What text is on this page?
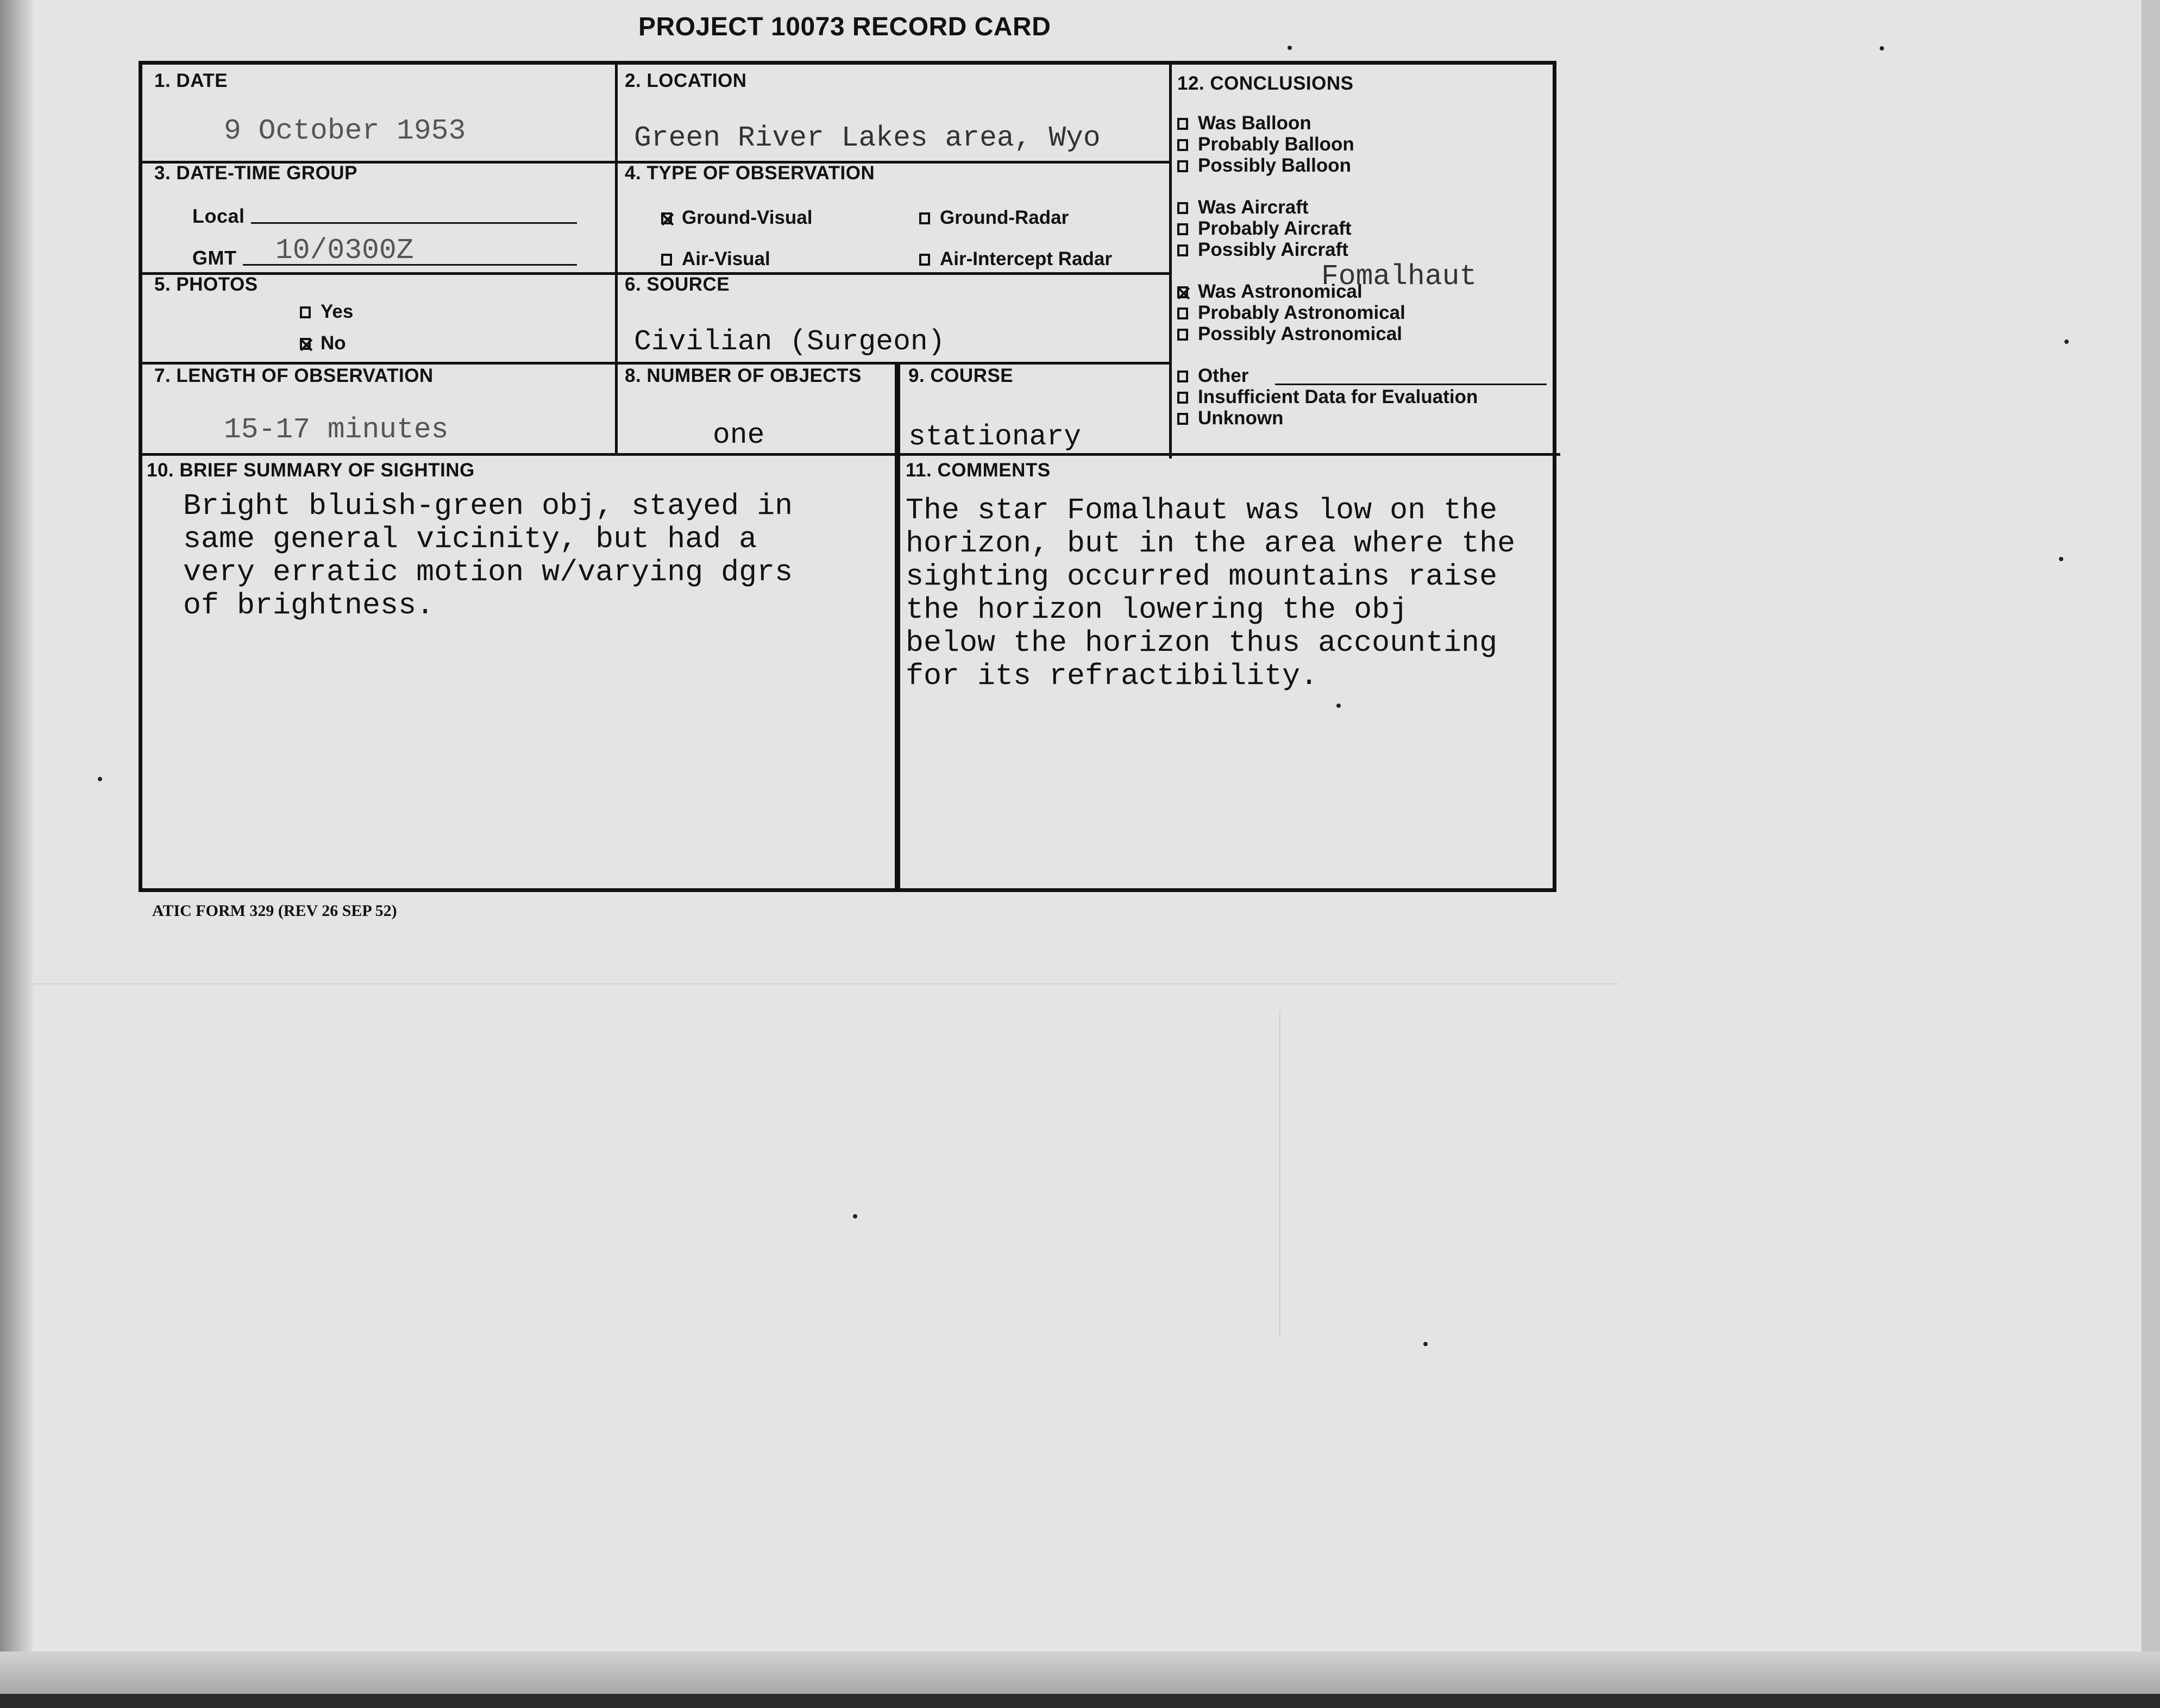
PROJECT 10073 RECORD CARD
1. DATE
9 October 1953
2. LOCATION
Green River Lakes area, Wyo
3. DATE-TIME GROUP
Local
GMT 10/0300Z
4. TYPE OF OBSERVATION
Ground-Visual	Ground-Radar
Air-Visual	Air-Intercept Radar
5. PHOTOS
Yes
No
6. SOURCE
Civilian (Surgeon)
7. LENGTH OF OBSERVATION
15-17 minutes
8. NUMBER OF OBJECTS
one
9. COURSE
stationary
10. BRIEF SUMMARY OF SIGHTING
Bright bluish-green obj, stayed in
same general vicinity, but had a
very erratic motion w/varying dgrs
of brightness.
11. COMMENTS
The star Fomalhaut was low on the
horizon, but in the area where the
sighting occurred mountains raise
the horizon lowering the obj
below the horizon thus accounting
for its refractibility.
12. CONCLUSIONS
Was Balloon
Probably Balloon
Possibly Balloon
Was Aircraft
Probably Aircraft
Possibly Aircraft
Fomalhaut
Was Astronomical
Probably Astronomical
Possibly Astronomical
Other
Insufficient Data for Evaluation
Unknown
ATIC FORM 329 (REV 26 SEP 52)
